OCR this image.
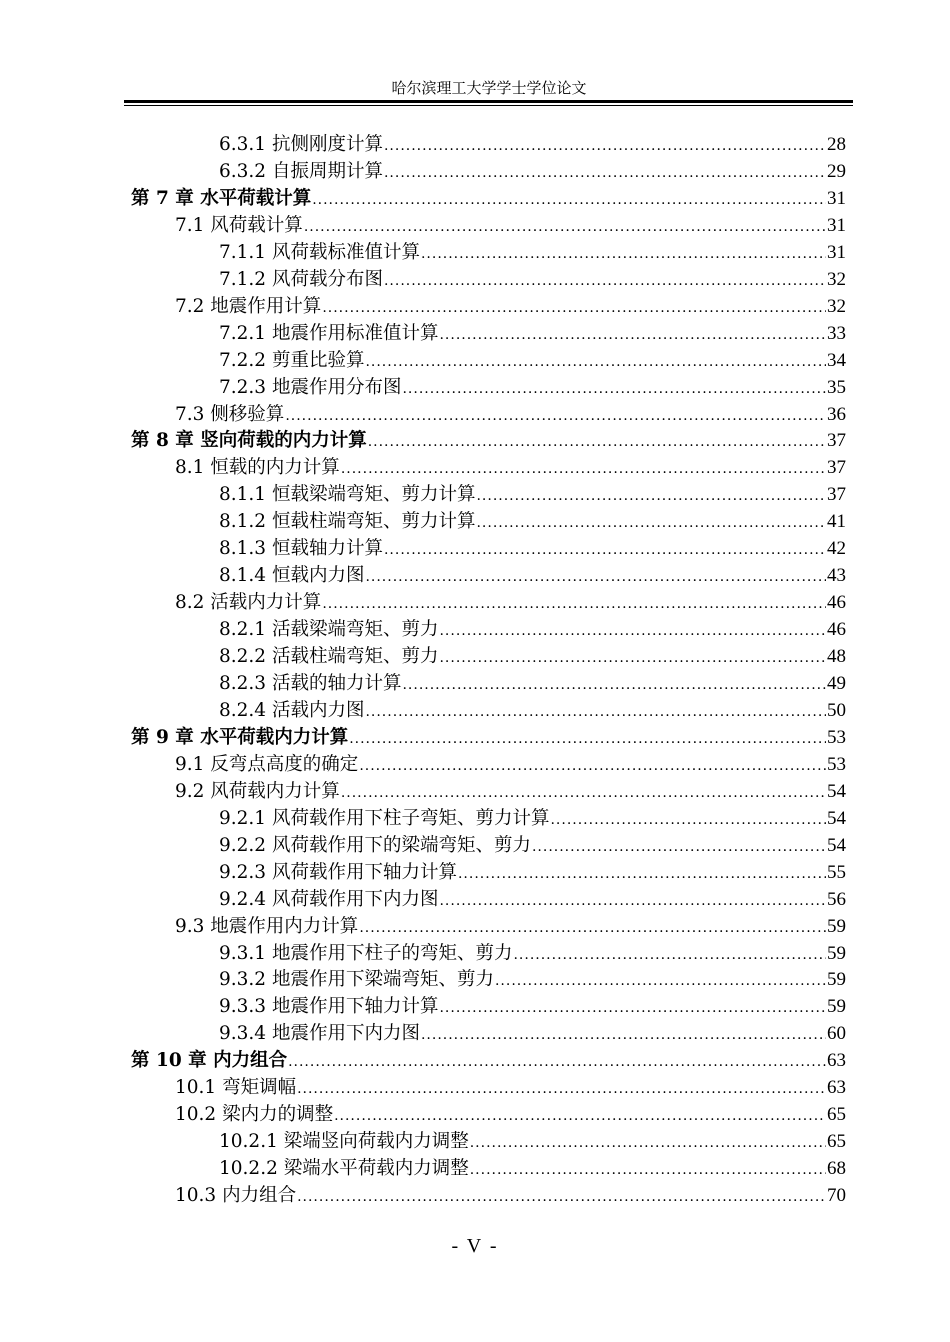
哈尔滨理工大学学士学位论文
6.3.1 抗侧刚度计算 .....	28
6.3.2 自振周期计算 .....	29
第 7 章 水平荷载计算 .....	31
7.1 风荷载计算 .....	31
7.1.1 风荷载标准值计算 .....	31
7.1.2 风荷载分布图 .....	32
7.2 地震作用计算 .....	32
7.2.1 地震作用标准值计算 .....	33
7.2.2 剪重比验算 .....	34
7.2.3 地震作用分布图 .....	35
7.3 侧移验算 .....	36
第 8 章 竖向荷载的内力计算 .....	37
8.1 恒载的内力计算 .....	37
8.1.1 恒载梁端弯矩、剪力计算 .....	37
8.1.2 恒载柱端弯矩、剪力计算 .....	41
8.1.3 恒载轴力计算 .....	42
8.1.4 恒载内力图 .....	43
8.2 活载内力计算 .....	46
8.2.1 活载梁端弯矩、剪力 .....	46
8.2.2 活载柱端弯矩、剪力 .....	48
8.2.3 活载的轴力计算 .....	49
8.2.4 活载内力图 .....	50
第 9 章 水平荷载内力计算 .....	53
9.1 反弯点高度的确定 .....	53
9.2 风荷载内力计算 .....	54
9.2.1 风荷载作用下柱子弯矩、剪力计算 .....	54
9.2.2 风荷载作用下的梁端弯矩、剪力 .....	54
9.2.3 风荷载作用下轴力计算 .....	55
9.2.4 风荷载作用下内力图 .....	56
9.3 地震作用内力计算 .....	59
9.3.1 地震作用下柱子的弯矩、剪力 .....	59
9.3.2 地震作用下梁端弯矩、剪力 .....	59
9.3.3 地震作用下轴力计算 .....	59
9.3.4 地震作用下内力图 .....	60
第 10 章 内力组合 .....	63
10.1 弯矩调幅 .....	63
10.2 梁内力的调整 .....	65
10.2.1 梁端竖向荷载内力调整 .....	65
10.2.2 梁端水平荷载内力调整 .....	68
10.3 内力组合 .....	70
- V -
